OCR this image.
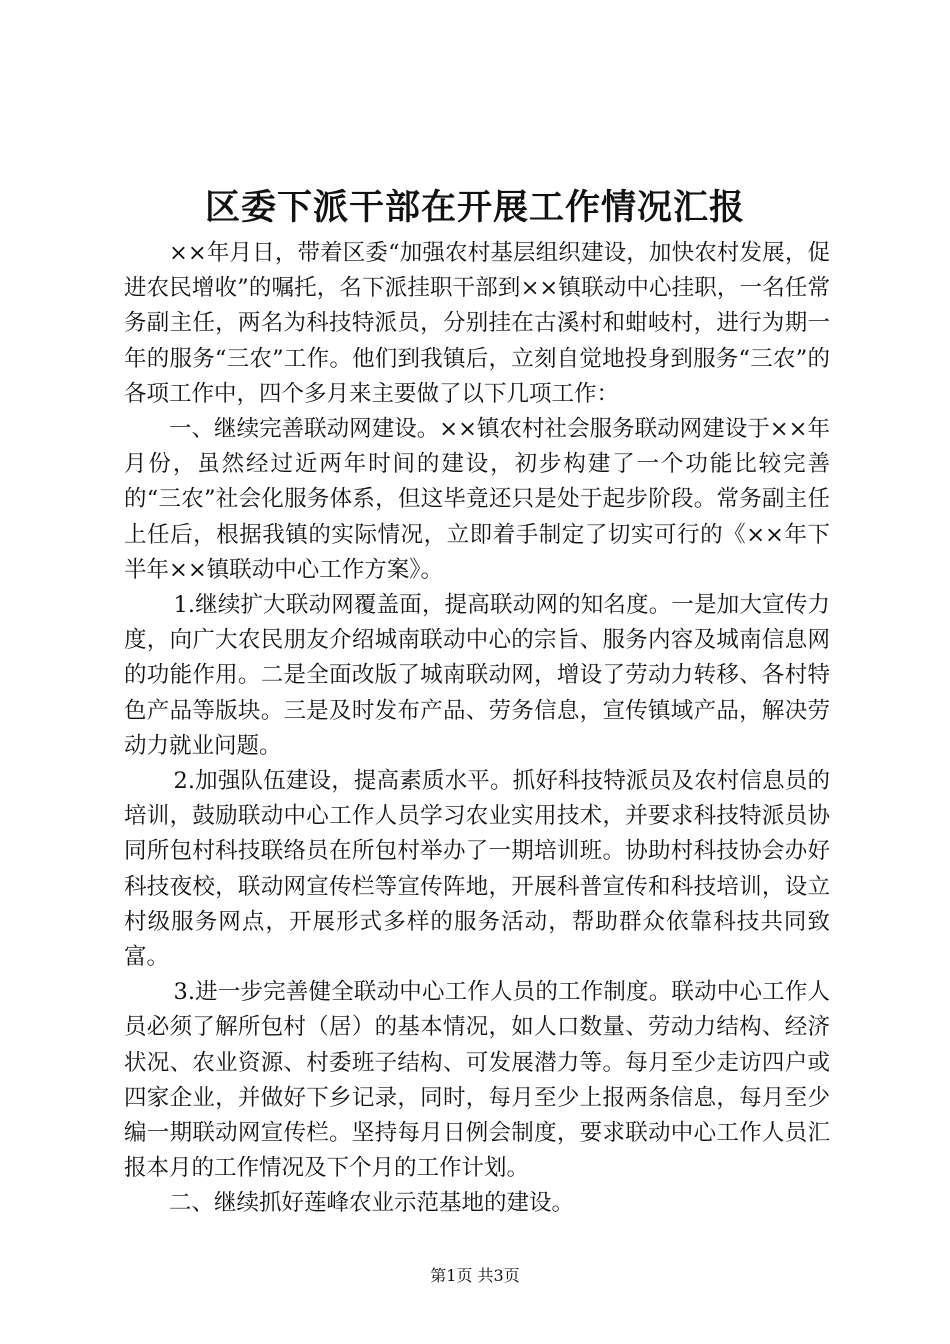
区委下派干部在开展工作情况汇报

××年月日，带着区委“加强农村基层组织建设，加快农村发展，促进农民增收”的嘱托，名下派挂职干部到××镇联动中心挂职，一名任常务副主任，两名为科技特派员，分别挂在古溪村和蚶岐村，进行为期一年的服务“三农”工作。他们到我镇后，立刻自觉地投身到服务“三农”的各项工作中，四个多月来主要做了以下几项工作：

一、继续完善联动网建设。××镇农村社会服务联动网建设于××年月份，虽然经过近两年时间的建设，初步构建了一个功能比较完善的“三农”社会化服务体系，但这毕竟还只是处于起步阶段。常务副主任上任后，根据我镇的实际情况，立即着手制定了切实可行的《××年下半年××镇联动中心工作方案》。

1.继续扩大联动网覆盖面，提高联动网的知名度。一是加大宣传力度，向广大农民朋友介绍城南联动中心的宗旨、服务内容及城南信息网的功能作用。二是全面改版了城南联动网，增设了劳动力转移、各村特色产品等版块。三是及时发布产品、劳务信息，宣传镇域产品，解决劳动力就业问题。

2.加强队伍建设，提高素质水平。抓好科技特派员及农村信息员的培训，鼓励联动中心工作人员学习农业实用技术，并要求科技特派员协同所包村科技联络员在所包村举办了一期培训班。协助村科技协会办好科技夜校，联动网宣传栏等宣传阵地，开展科普宣传和科技培训，设立村级服务网点，开展形式多样的服务活动，帮助群众依靠科技共同致富。

3.进一步完善健全联动中心工作人员的工作制度。联动中心工作人员必须了解所包村（居）的基本情况，如人口数量、劳动力结构、经济状况、农业资源、村委班子结构、可发展潜力等。每月至少走访四户或四家企业，并做好下乡记录，同时，每月至少上报两条信息，每月至少编一期联动网宣传栏。坚持每月日例会制度，要求联动中心工作人员汇报本月的工作情况及下个月的工作计划。

二、继续抓好莲峰农业示范基地的建设。

第1页 共3页
